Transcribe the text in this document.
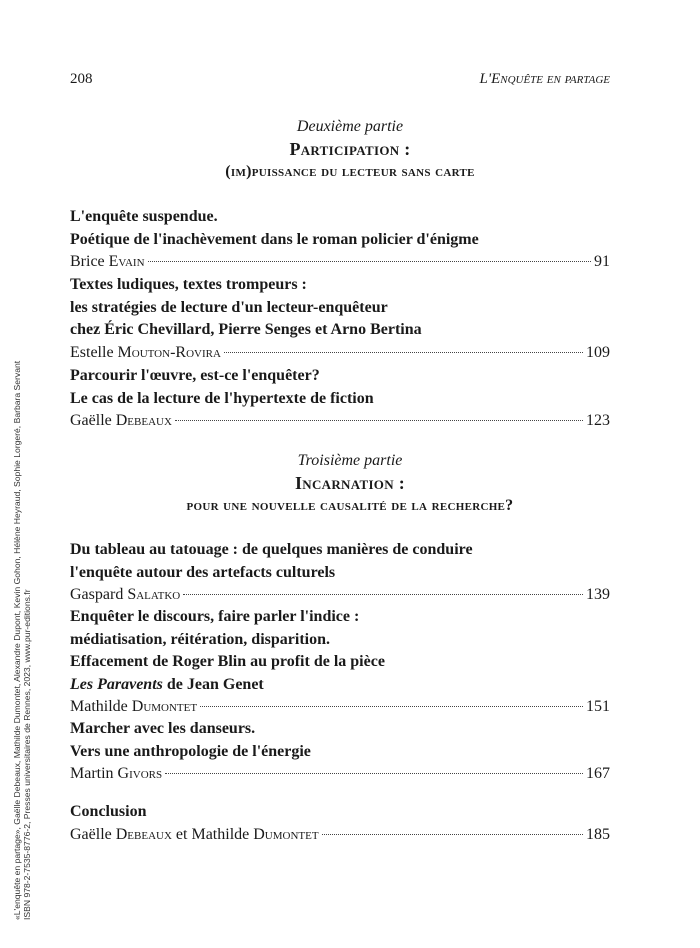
«L'enquête en partage», Gaëlle Debeaux, Mathilde Dumontet, Alexandre Dupont, Kevin Gohon, Hélène Heyraud, Sophie Lorgeré, Barbara Servant ISBN 978-2-7535-8776-2, Presses universitaires de Rennes, 2023, www.pur-editions.fr
208	L'Enquête en partage
Deuxième partie
Participation :
(im)puissance du lecteur sans carte
L'enquête suspendue.
Poétique de l'inachèvement dans le roman policier d'énigme
Brice Evain	91
Textes ludiques, textes trompeurs :
les stratégies de lecture d'un lecteur-enquêteur
chez Éric Chevillard, Pierre Senges et Arno Bertina
Estelle Mouton-Rovira	109
Parcourir l'œuvre, est-ce l'enquêter?
Le cas de la lecture de l'hypertexte de fiction
Gaëlle Debeaux	123
Troisième partie
Incarnation :
pour une nouvelle causalité de la recherche?
Du tableau au tatouage : de quelques manières de conduire
l'enquête autour des artefacts culturels
Gaspard Salatko	139
Enquêter le discours, faire parler l'indice :
médiatisation, réitération, disparition.
Effacement de Roger Blin au profit de la pièce
Les Paravents de Jean Genet
Mathilde Dumontet	151
Marcher avec les danseurs.
Vers une anthropologie de l'énergie
Martin Givors	167
Conclusion
Gaëlle Debeaux et Mathilde Dumontet	185
